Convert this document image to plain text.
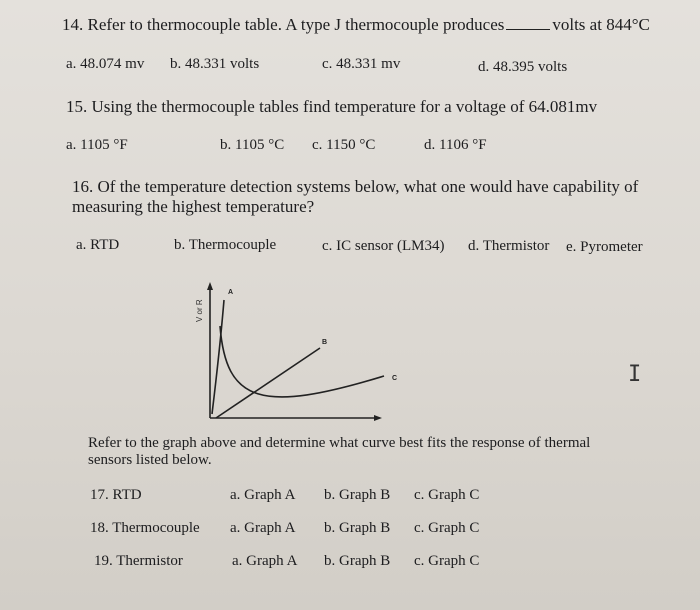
14. Refer to thermocouple table. A type J thermocouple produces	volts at 844°C
a. 48.074 mv b. 48.331 volts	c. 48.331 mv	d. 48.395 volts
15. Using the thermocouple tables find temperature for a voltage of 64.081mv
a. 1105 °F	b. 1105 °C c. 1150 °C	d. 1106 °F
16. Of the temperature detection systems below, what one would have capability of
measuring the highest temperature?
a. RTD	b. Thermocouple	c. IC sensor (LM34) d. Thermistor e. Pyrometer
V or R
A
B
C
Refer to the graph above and determine what curve best fits the response of thermal
sensors listed below.
17. RTD	a. Graph A b. Graph B c. Graph C
18. Thermocouple a. Graph A b. Graph B c. Graph C
19. Thermistor	a. Graph A b. Graph B c. Graph C
I
